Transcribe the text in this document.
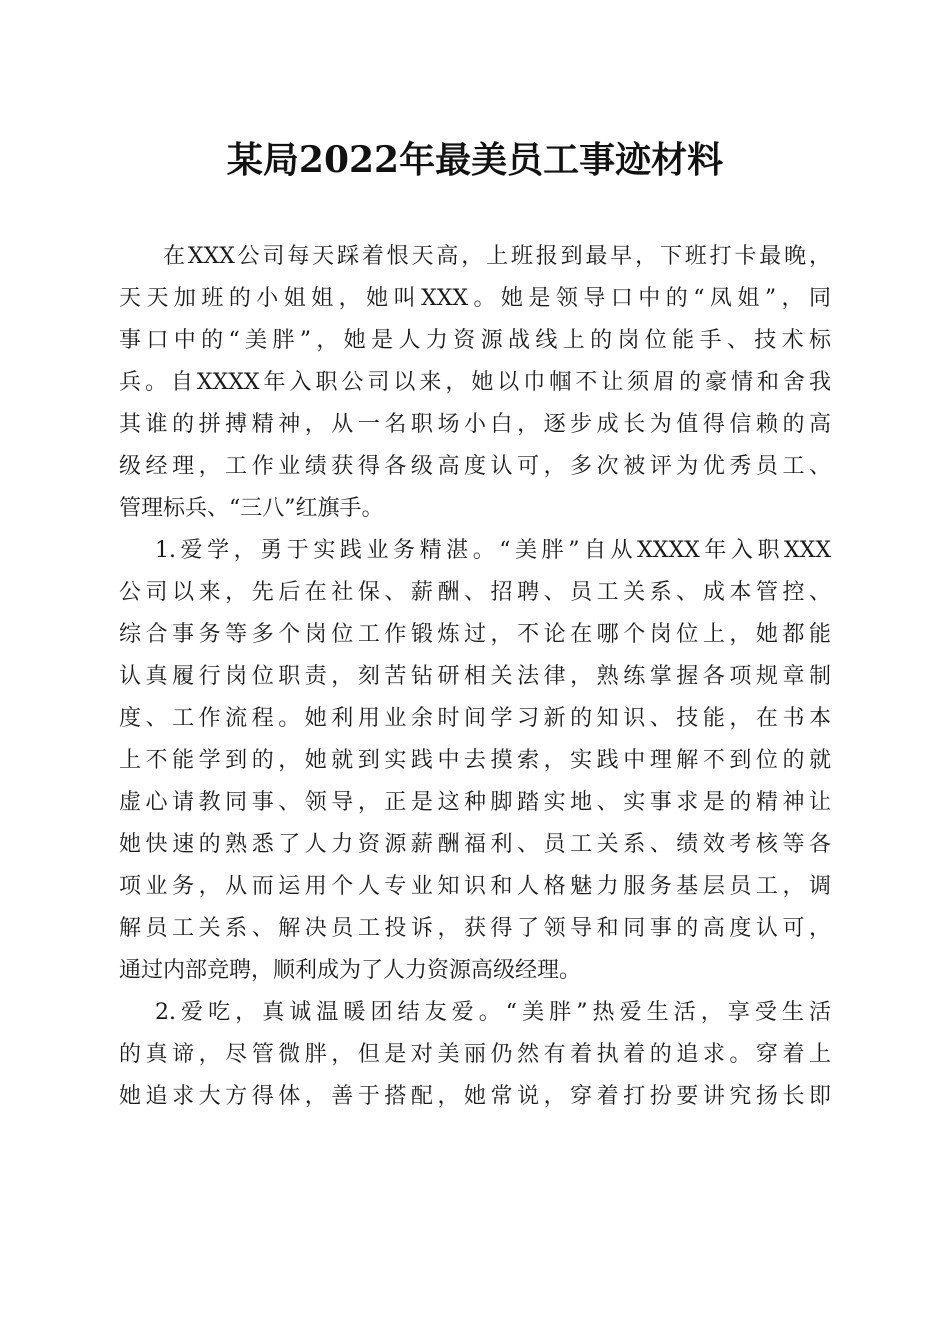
某局2022年最美员工事迹材料
在XXX公司每天踩着恨天高，上班报到最早，下班打卡最晚，
天天加班的小姐姐，她叫XXX。她是领导口中的“凤姐”，同
事口中的“美胖”，她是人力资源战线上的岗位能手、技术标
兵。自XXXX年入职公司以来，她以巾帼不让须眉的豪情和舍我
其谁的拼搏精神，从一名职场小白，逐步成长为值得信赖的高
级经理，工作业绩获得各级高度认可，多次被评为优秀员工、
管理标兵、“三八”红旗手。
1.爱学，勇于实践业务精湛。“美胖”自从XXXX年入职XXX
公司以来，先后在社保、薪酬、招聘、员工关系、成本管控、
综合事务等多个岗位工作锻炼过，不论在哪个岗位上，她都能
认真履行岗位职责，刻苦钻研相关法律，熟练掌握各项规章制
度、工作流程。她利用业余时间学习新的知识、技能，在书本
上不能学到的，她就到实践中去摸索，实践中理解不到位的就
虚心请教同事、领导，正是这种脚踏实地、实事求是的精神让
她快速的熟悉了人力资源薪酬福利、员工关系、绩效考核等各
项业务，从而运用个人专业知识和人格魅力服务基层员工，调
解员工关系、解决员工投诉，获得了领导和同事的高度认可，
通过内部竞聘，顺利成为了人力资源高级经理。
2.爱吃，真诚温暖团结友爱。“美胖”热爱生活，享受生活
的真谛，尽管微胖，但是对美丽仍然有着执着的追求。穿着上
她追求大方得体，善于搭配，她常说，穿着打扮要讲究扬长即
